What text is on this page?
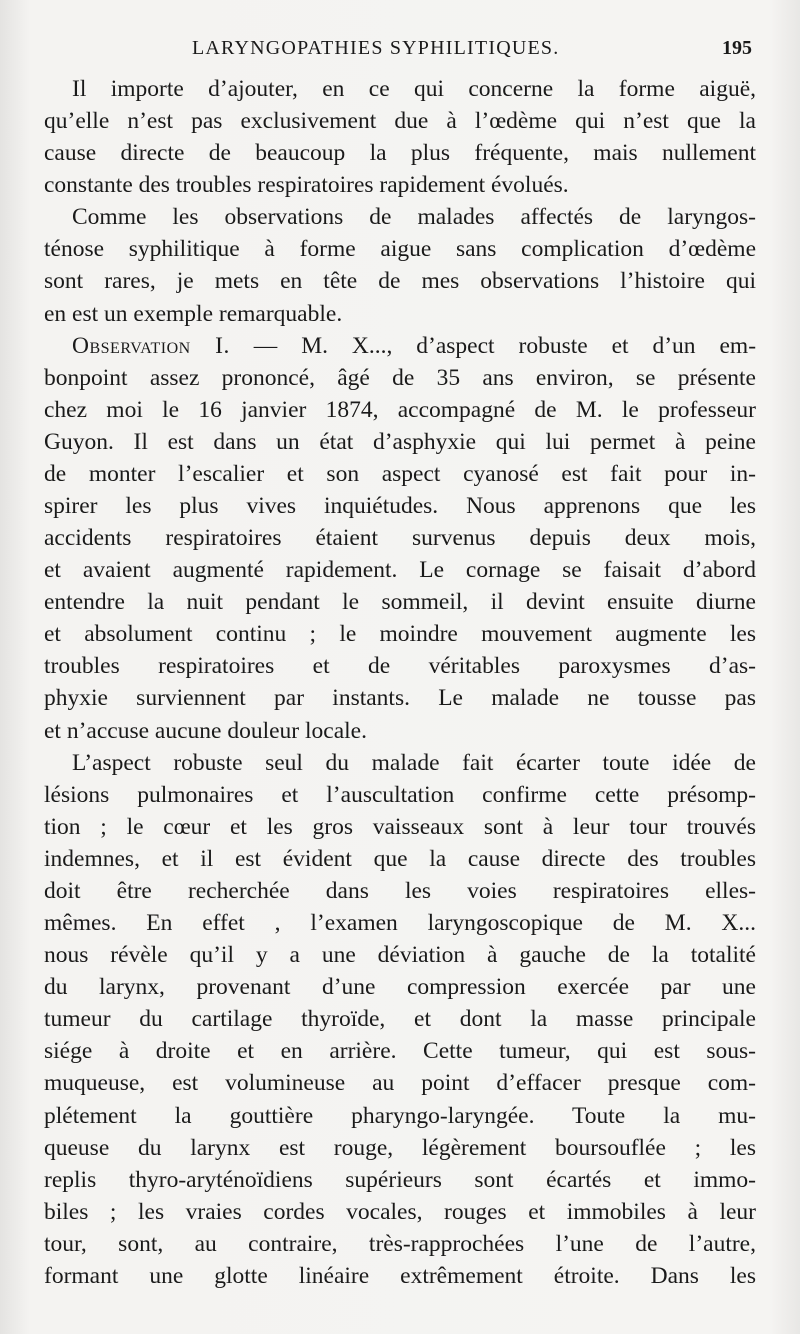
LARYNGOPATHIES SYPHILITIQUES.	195
Il importe d’ajouter, en ce qui concerne la forme aiguë,
qu’elle n’est pas exclusivement due à l’œdème qui n’est que la
cause directe de beaucoup la plus fréquente, mais nullement
constante des troubles respiratoires rapidement évolués.
Comme les observations de malades affectés de laryngos-
ténose syphilitique à forme aigue sans complication d’œdème
sont rares, je mets en tête de mes observations l’histoire qui
en est un exemple remarquable.
Observation I. — M. X..., d’aspect robuste et d’un em-
bonpoint assez prononcé, âgé de 35 ans environ, se présente
chez moi le 16 janvier 1874, accompagné de M. le professeur
Guyon. Il est dans un état d’asphyxie qui lui permet à peine
de monter l’escalier et son aspect cyanosé est fait pour in-
spirer les plus vives inquiétudes. Nous apprenons que les
accidents respiratoires étaient survenus depuis deux mois,
et avaient augmenté rapidement. Le cornage se faisait d’abord
entendre la nuit pendant le sommeil, il devint ensuite diurne
et absolument continu ; le moindre mouvement augmente les
troubles respiratoires et de véritables paroxysmes d’as-
phyxie surviennent par instants. Le malade ne tousse pas
et n’accuse aucune douleur locale.
L’aspect robuste seul du malade fait écarter toute idée de
lésions pulmonaires et l’auscultation confirme cette présomp-
tion ; le cœur et les gros vaisseaux sont à leur tour trouvés
indemnes, et il est évident que la cause directe des troubles
doit être recherchée dans les voies respiratoires elles-
mêmes. En effet , l’examen laryngoscopique de M. X...
nous révèle qu’il y a une déviation à gauche de la totalité
du larynx, provenant d’une compression exercée par une
tumeur du cartilage thyroïde, et dont la masse principale
siége à droite et en arrière. Cette tumeur, qui est sous-
muqueuse, est volumineuse au point d’effacer presque com-
plétement la gouttière pharyngo-laryngée. Toute la mu-
queuse du larynx est rouge, légèrement boursouflée ; les
replis thyro-aryténoïdiens supérieurs sont écartés et immo-
biles ; les vraies cordes vocales, rouges et immobiles à leur
tour, sont, au contraire, très-rapprochées l’une de l’autre,
formant une glotte linéaire extrêmement étroite. Dans les
